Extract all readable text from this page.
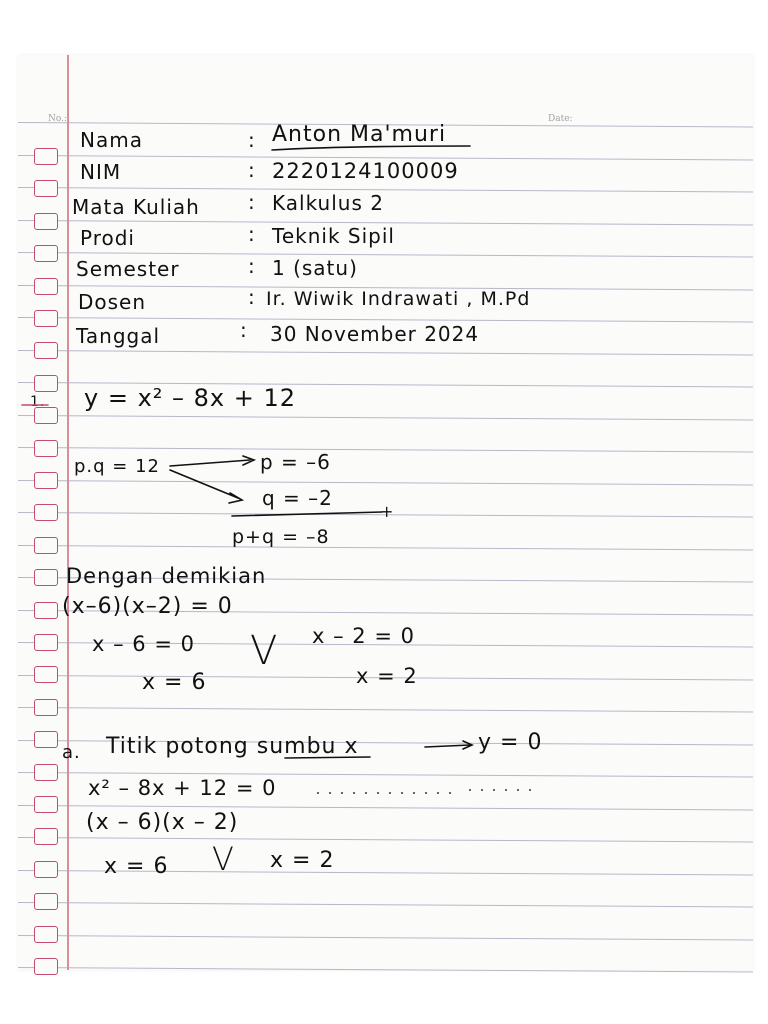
No.:	Date:
Nama	: Anton Ma'muri
NIM	: 2220124100009
Mata Kuliah : Kalkulus 2
Prodi	: Teknik Sipil
Semester	: 1 (satu)
Dosen	: Ir. Wiwik Indrawati , M.Pd
Tanggal	: 30 November 2024
1. y = x² – 8x + 12
p.q = 12	p = –6
q = –2
+
p+q = –8
Dengan demikian
(x–6)(x–2) = 0
x – 6 = 0 V x – 2 = 0
x = 6	x = 2
a. Titik potong sumbu x	y = 0
x² – 8x + 12 = 0
(x – 6)(x – 2)
x = 6 V x = 2
